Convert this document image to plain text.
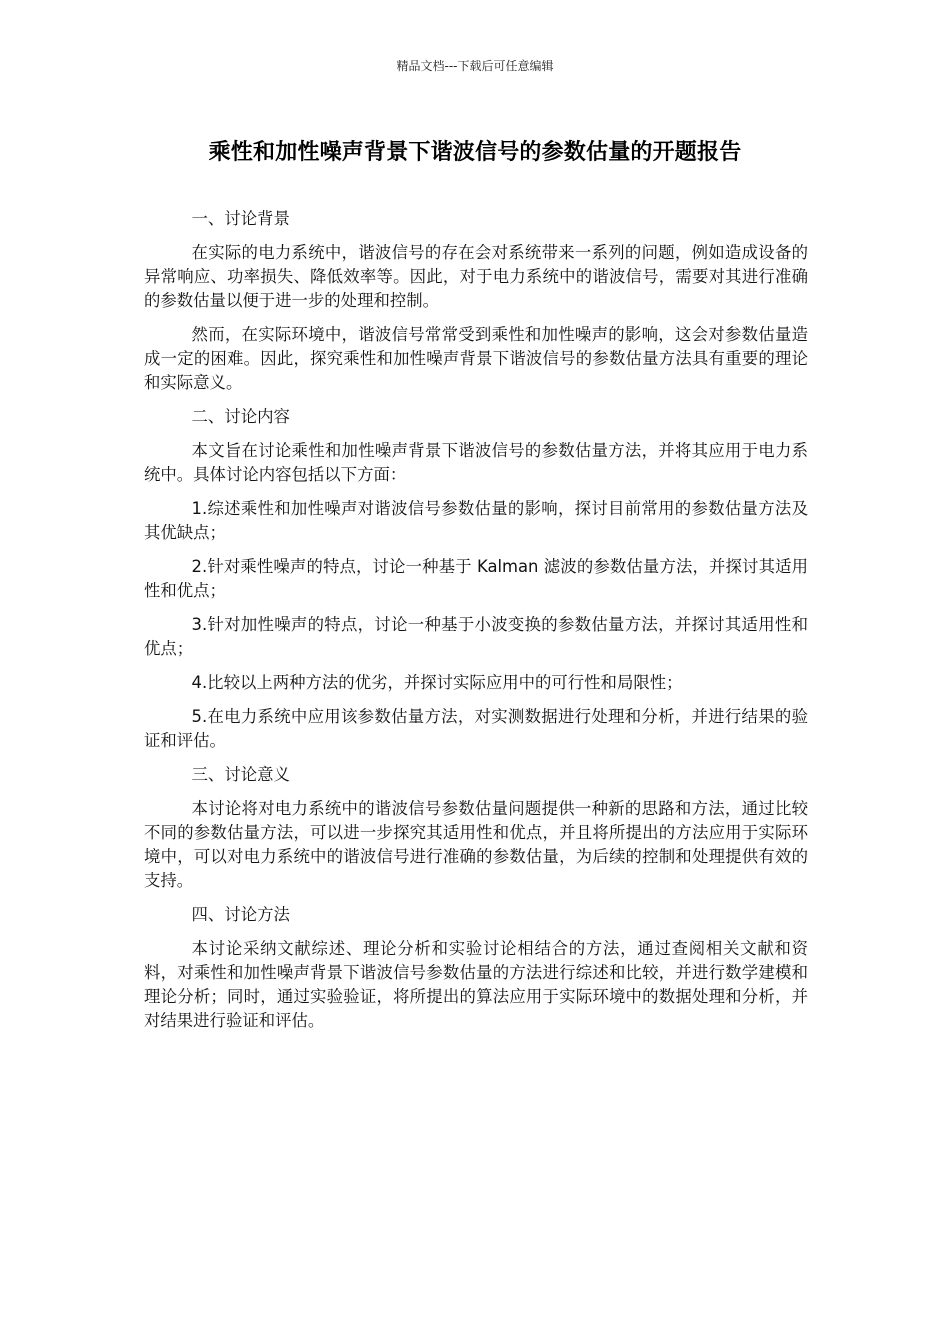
精品文档---下载后可任意编辑
乘性和加性噪声背景下谐波信号的参数估量的开题报告

一、讨论背景

在实际的电力系统中，谐波信号的存在会对系统带来一系列的问题，例如造成设备的异常响应、功率损失、降低效率等。因此，对于电力系统中的谐波信号，需要对其进行准确的参数估量以便于进一步的处理和控制。

然而，在实际环境中，谐波信号常常受到乘性和加性噪声的影响，这会对参数估量造成一定的困难。因此，探究乘性和加性噪声背景下谐波信号的参数估量方法具有重要的理论和实际意义。

二、讨论内容

本文旨在讨论乘性和加性噪声背景下谐波信号的参数估量方法，并将其应用于电力系统中。具体讨论内容包括以下方面：

1.综述乘性和加性噪声对谐波信号参数估量的影响，探讨目前常用的参数估量方法及其优缺点；

2.针对乘性噪声的特点，讨论一种基于 Kalman 滤波的参数估量方法，并探讨其适用性和优点；

3.针对加性噪声的特点，讨论一种基于小波变换的参数估量方法，并探讨其适用性和优点；

4.比较以上两种方法的优劣，并探讨实际应用中的可行性和局限性；

5.在电力系统中应用该参数估量方法，对实测数据进行处理和分析，并进行结果的验证和评估。

三、讨论意义

本讨论将对电力系统中的谐波信号参数估量问题提供一种新的思路和方法，通过比较不同的参数估量方法，可以进一步探究其适用性和优点，并且将所提出的方法应用于实际环境中，可以对电力系统中的谐波信号进行准确的参数估量，为后续的控制和处理提供有效的支持。

四、讨论方法

本讨论采纳文献综述、理论分析和实验讨论相结合的方法，通过查阅相关文献和资料，对乘性和加性噪声背景下谐波信号参数估量的方法进行综述和比较，并进行数学建模和理论分析；同时，通过实验验证，将所提出的算法应用于实际环境中的数据处理和分析，并对结果进行验证和评估。
